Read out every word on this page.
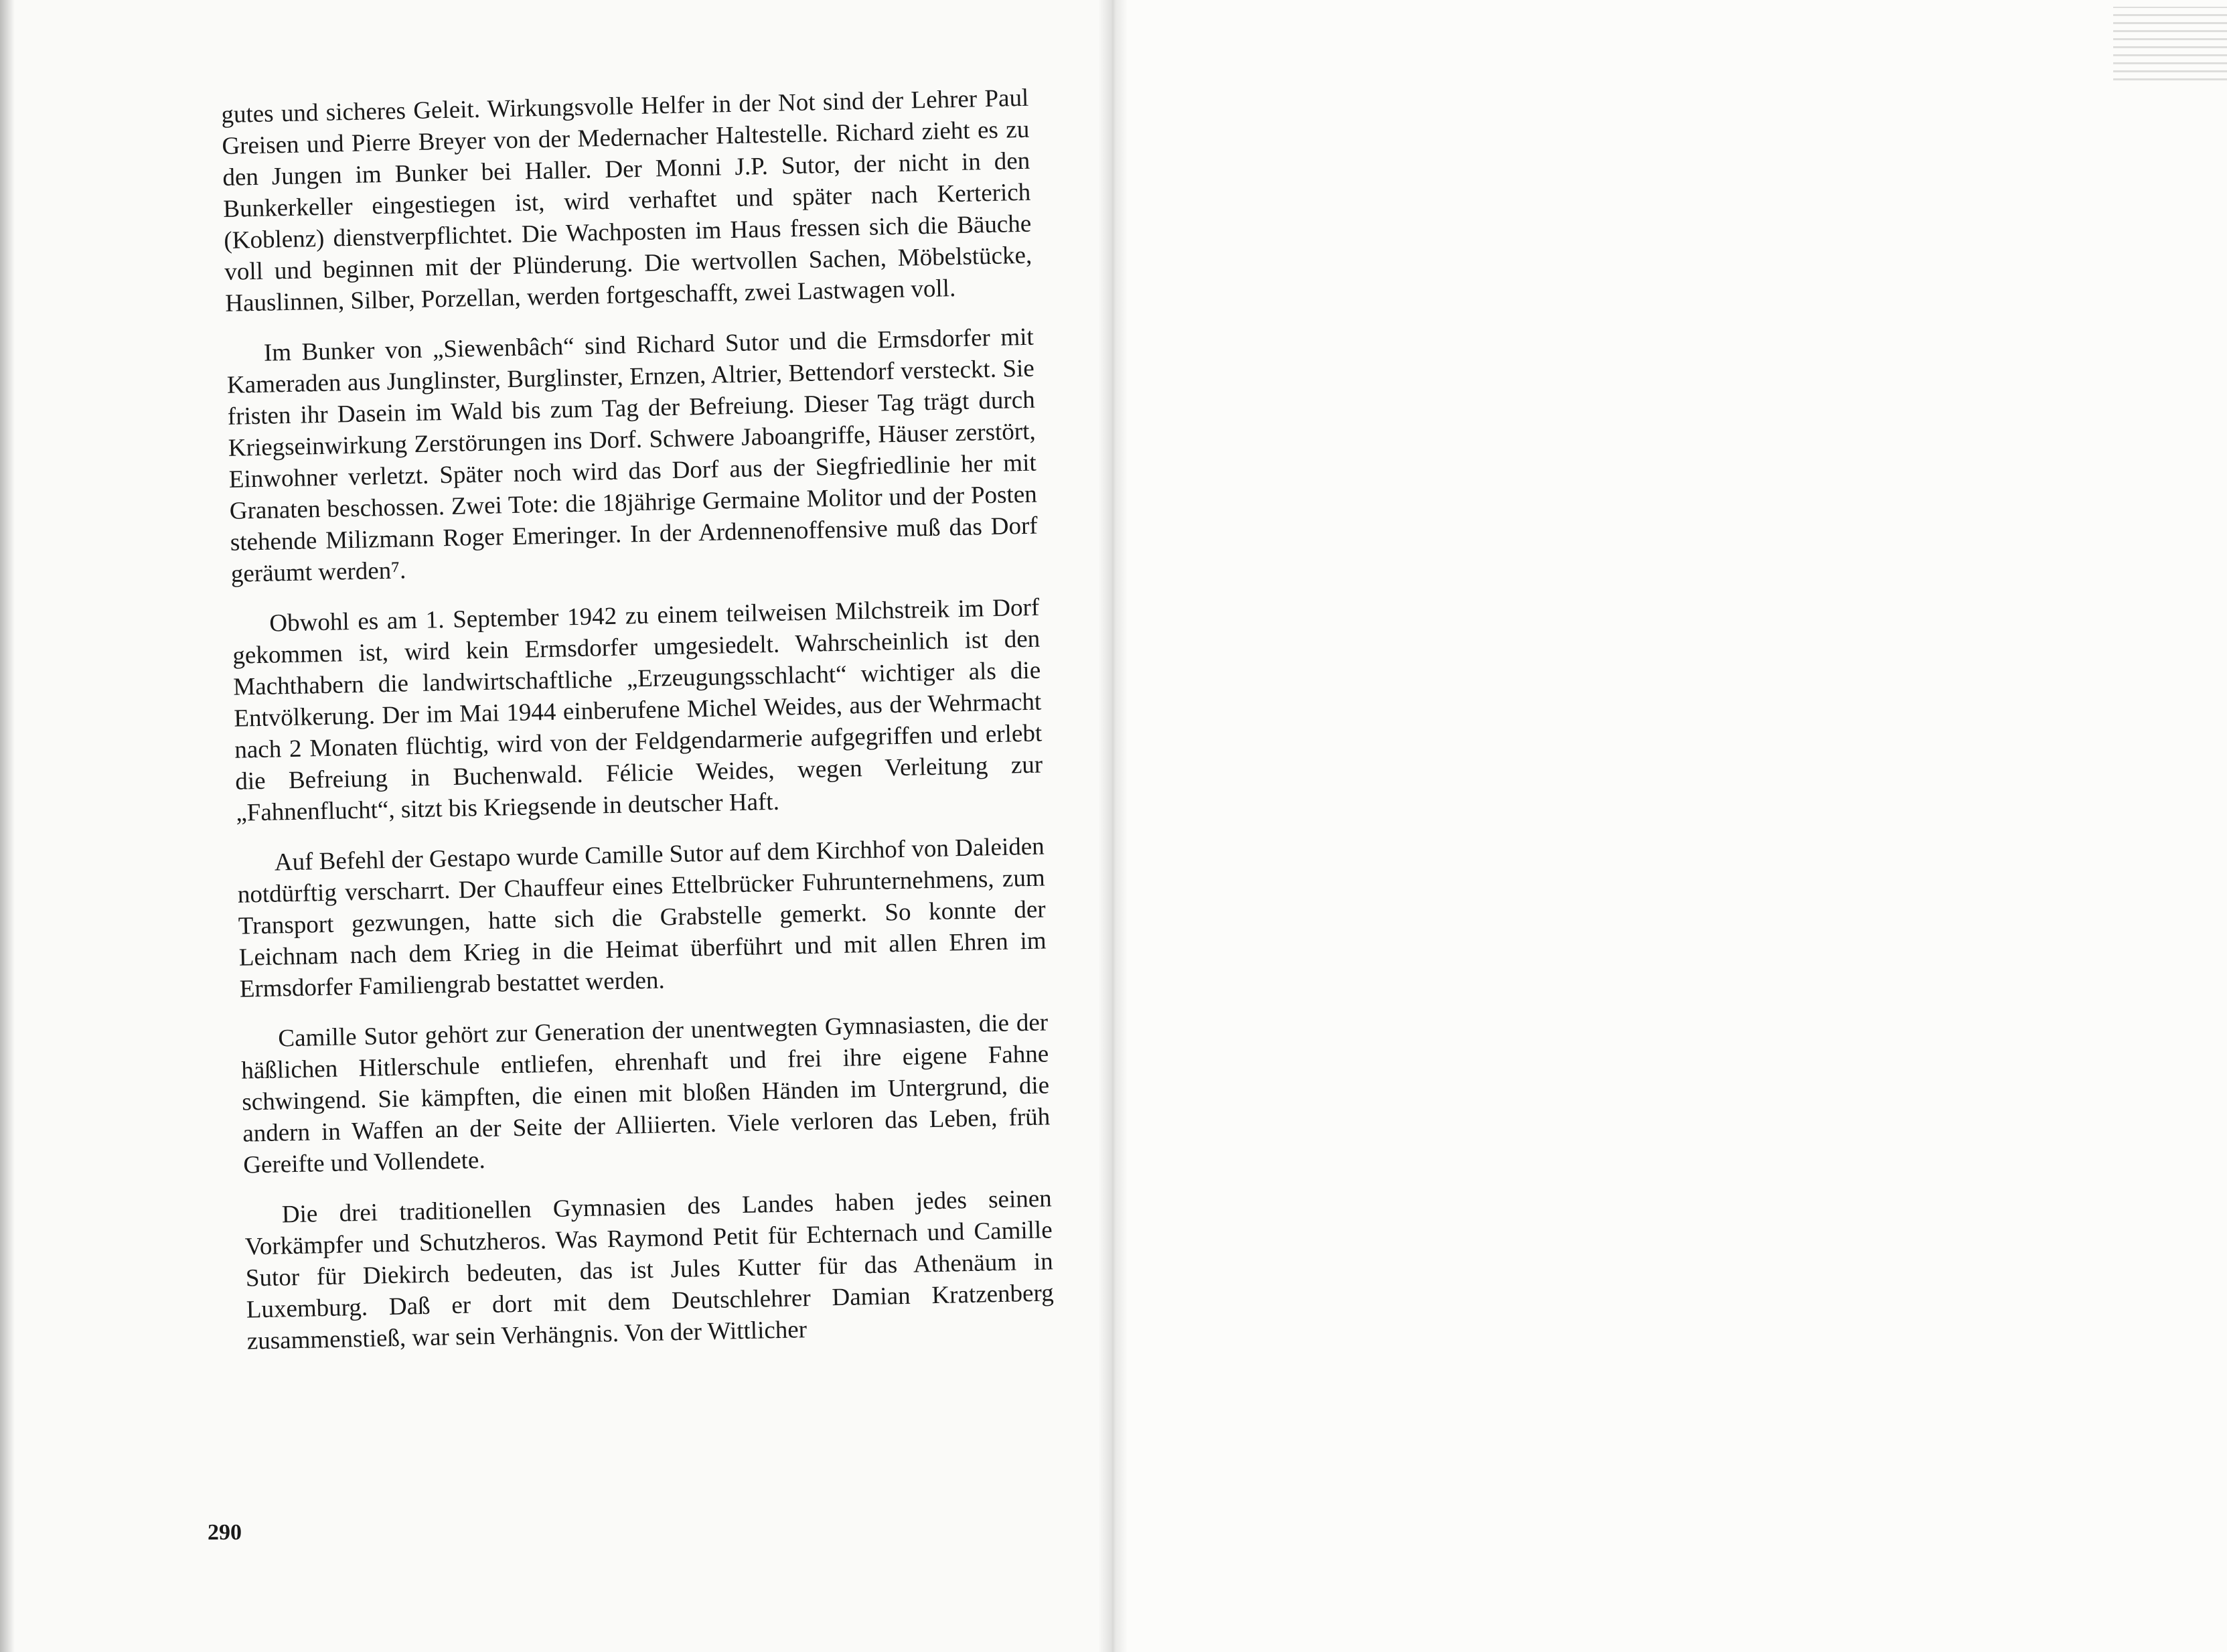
gutes und sicheres Geleit. Wirkungsvolle Helfer in der Not sind der Lehrer Paul Greisen und Pierre Breyer von der Medernacher Haltestelle. Richard zieht es zu den Jungen im Bunker bei Haller. Der Monni J.P. Sutor, der nicht in den Bunkerkeller eingestiegen ist, wird verhaftet und später nach Kerterich (Koblenz) dienstverpflichtet. Die Wachposten im Haus fressen sich die Bäuche voll und beginnen mit der Plünderung. Die wertvollen Sachen, Möbelstücke, Hauslinnen, Silber, Porzellan, werden fortgeschafft, zwei Lastwagen voll.

Im Bunker von „Siewenbâch“ sind Richard Sutor und die Ermsdorfer mit Kameraden aus Junglinster, Burglinster, Ernzen, Altrier, Bettendorf versteckt. Sie fristen ihr Dasein im Wald bis zum Tag der Befreiung. Dieser Tag trägt durch Kriegseinwirkung Zerstörungen ins Dorf. Schwere Jaboangriffe, Häuser zerstört, Einwohner verletzt. Später noch wird das Dorf aus der Siegfriedlinie her mit Granaten beschossen. Zwei Tote: die 18jährige Germaine Molitor und der Posten stehende Milizmann Roger Emeringer. In der Ardennenoffensive muß das Dorf geräumt werden⁷.

Obwohl es am 1. September 1942 zu einem teilweisen Milchstreik im Dorf gekommen ist, wird kein Ermsdorfer umgesiedelt. Wahrscheinlich ist den Machthabern die landwirtschaftliche „Erzeugungsschlacht“ wichtiger als die Entvölkerung. Der im Mai 1944 einberufene Michel Weides, aus der Wehrmacht nach 2 Monaten flüchtig, wird von der Feldgendarmerie aufgegriffen und erlebt die Befreiung in Buchenwald. Félicie Weides, wegen Verleitung zur „Fahnenflucht“, sitzt bis Kriegsende in deutscher Haft.

Auf Befehl der Gestapo wurde Camille Sutor auf dem Kirchhof von Daleiden notdürftig verscharrt. Der Chauffeur eines Ettelbrücker Fuhrunternehmens, zum Transport gezwungen, hatte sich die Grabstelle gemerkt. So konnte der Leichnam nach dem Krieg in die Heimat überführt und mit allen Ehren im Ermsdorfer Familiengrab bestattet werden.

Camille Sutor gehört zur Generation der unentwegten Gymnasiasten, die der häßlichen Hitlerschule entliefen, ehrenhaft und frei ihre eigene Fahne schwingend. Sie kämpften, die einen mit bloßen Händen im Untergrund, die andern in Waffen an der Seite der Alliierten. Viele verloren das Leben, früh Gereifte und Vollendete.

Die drei traditionellen Gymnasien des Landes haben jedes seinen Vorkämpfer und Schutzheros. Was Raymond Petit für Echternach und Camille Sutor für Diekirch bedeuten, das ist Jules Kutter für das Athenäum in Luxemburg. Daß er dort mit dem Deutschlehrer Damian Kratzenberg zusammenstieß, war sein Verhängnis. Von der Wittlicher

290
